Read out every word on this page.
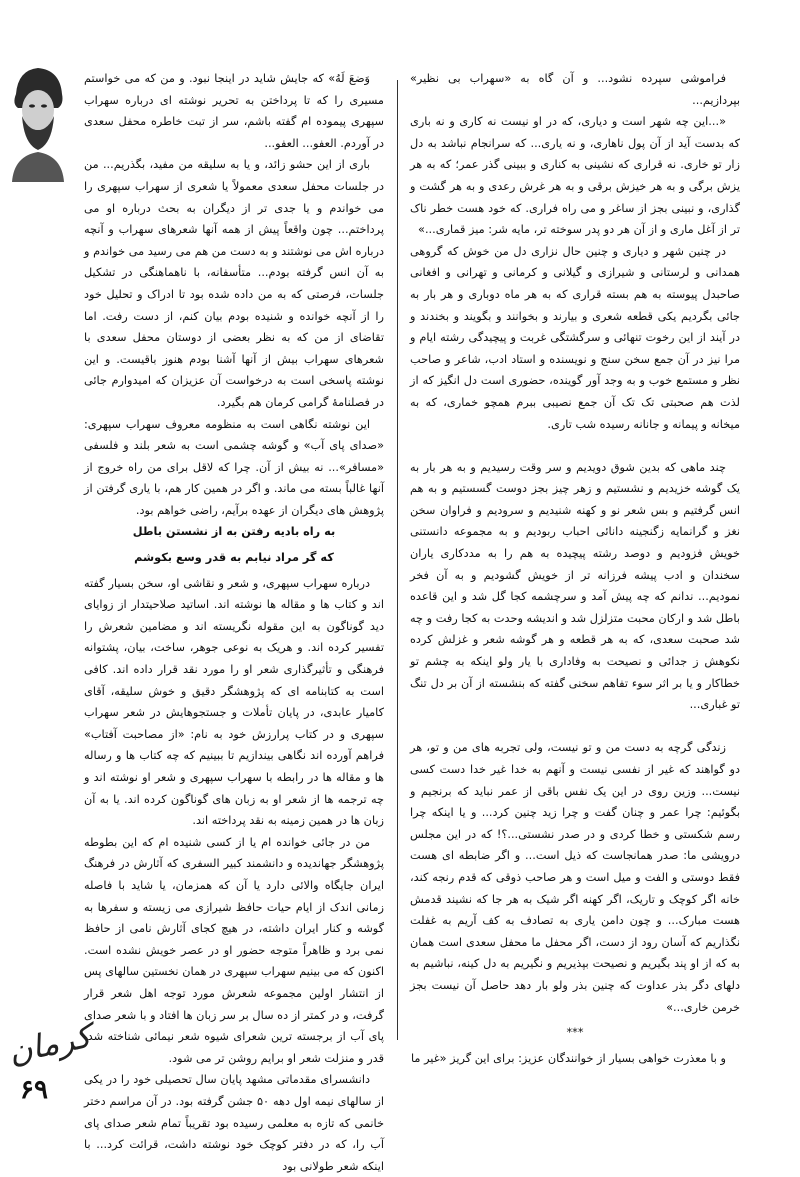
فراموشی سپرده نشود... و آن گاه به «سهراب بی نظیر» بپردازیم...

«...این چه شهر است و دیاری، که در او نیست نه کاری و نه باری که بدست آید از آن پول ناهاری، و نه یاری... که سرانجام نباشد به دل زار تو خاری. نه قراری که نشینی به کناری و ببینی گذر عمر؛ که به هر یزش برگی و به هر خیزش برقی و به هر غرش رعدی و به هر گشت و گذاری، و نبینی بجز از ساغر و می راه فراری. که خود هست خطر ناک تر از آغل ماری و از آن هر دو پدر سوخته تر، مایه شر: میز قماری...»

در چنین شهر و دیاری و چنین حال نزاری دل من خوش که گروهی همدانی و لرستانی و شیرازی و گیلانی و کرمانی و تهرانی و افغانی صاحبدل پیوسته به هم بسته قراری که به هر ماه دوباری و هر بار به جائی بگردیم یکی قطعه شعری و بیارند و بخوانند و بگویند و بخندند و در آیند از این رخوت تنهائی و سرگشتگی غربت و پیچیدگی رشته ایام و مرا نیز در آن جمع سخن سنج و نویسنده و استاد ادب، شاعر و صاحب نظر و مستمع خوب و به وجد آور گوینده، حضوری است دل انگیز که از لذت هم صحبتی تک تک آن جمع نصیبی ببرم همچو خماری، که به میخانه و پیمانه و جانانه رسیده شب تاری.

چند ماهی که بدین شوق دویدیم و سر وقت رسیدیم و به هر بار به یک گوشه خزیدیم و نشستیم و زهر چیز بجز دوست گسستیم و به هم انس گرفتیم و بس شعر نو و کهنه شنیدیم و سرودیم و فراوان سخن نغز و گرانمایه زگنجینه دانائی احباب ربودیم و به مجموعه دانستنی خویش فزودیم و دوصد رشته پیچیده به هم را به مددکاری یاران سخندان و ادب پیشه فرزانه تر از خویش گشودیم و به آن فخر نمودیم... ندانم که چه پیش آمد و سرچشمه کجا گل شد و این قاعده باطل شد و ارکان محبت متزلزل شد و اندیشه وحدت به کجا رفت و چه شد صحبت سعدی، که به هر قطعه و هر گوشه شعر و غزلش کرده نکوهش ز جدائی و نصیحت به وفاداری با یار ولو اینکه به چشم تو خطاکار و یا بر اثر سوء تفاهم سخنی گفته که بنشسته از آن بر دل تنگ تو غباری...

زندگی گرچه به دست من و تو نیست، ولی تجربه های من و تو، هر دو گواهند که غیر از نفسی نیست و آنهم به خدا غیر خدا دست کسی نیست... وزین روی در این یک نفس باقی از عمر نباید که برنجیم و بگوئیم: چرا عمر و چنان گفت و چرا زید چنین کرد... و یا اینکه چرا رسم شکستی و خطا کردی و در صدر نشستی...؟! که در این مجلس درویشی ما: صدر همانجاست که ذیل است... و اگر ضابطه ای هست فقط دوستی و الفت و میل است و هر صاحب ذوقی که قدم رنجه کند، خانه اگر کوچک و تاریک، اگر کهنه اگر شیک به هر جا که نشیند قدمش هست مبارک... و چون دامن یاری به تصادف به کف آریم به غفلت نگذاریم که آسان رود از دست، اگر محفل ما محفل سعدی است همان به که از او پند بگیریم و نصیحت بپذیریم و نگیریم به دل کینه، نباشیم به دلهای دگر بذر عداوت که چنین بذر ولو بار دهد حاصل آن نیست بجز خرمن خاری...»

***

و با معذرت خواهی بسیار از خوانندگان عزیز: برای این گریز «غیر ما

وَضعَ لَهُ» که جایش شاید در اینجا نبود. و من که می خواستم مسیری را که تا پرداختن به تحریر نوشته ای درباره سهراب سپهری پیموده ام گفته باشم، سر از تبت خاطره محفل سعدی در آوردم. العفو... العفو...

باری از این حشو زائد، و یا به سلیقه من مفید، بگذریم... من در جلسات محفل سعدی معمولاً یا شعری از سهراب سپهری را می خواندم و یا جدی تر از دیگران به بحث درباره او می پرداختم... چون واقعاً پیش از همه آنها شعرهای سهراب و آنچه درباره اش می نوشتند و به دست من هم می رسید می خواندم و به آن انس گرفته بودم... متأسفانه، با ناهماهنگی در تشکیل جلسات، فرصتی که به من داده شده بود تا ادراک و تحلیل خود را از آنچه خوانده و شنیده بودم بیان کنم، از دست رفت. اما تقاضای از من که به نظر بعضی از دوستان محفل سعدی با شعرهای سهراب بیش از آنها آشنا بودم هنوز باقیست. و این نوشته پاسخی است به درخواست آن عزیزان که امیدوارم جائی در فصلنامهٔ گرامی کرمان هم بگیرد.

این نوشته نگاهی است به منظومه معروف سهراب سپهری: «صدای پای آب» و گوشه چشمی است به شعر بلند و فلسفی «مسافر»... نه بیش از آن. چرا که لاقل برای من راه خروج از آنها غالباً بسته می ماند. و اگر در همین کار هم، با یاری گرفتن از پژوهش های دیگران از عهده برآیم، راضی خواهم بود.

به راه بادیه رفتن به از نشستن باطل
که گر مراد نیابم به قدر وسع بکوشم

درباره سهراب سپهری، و شعر و نقاشی او، سخن بسیار گفته اند و کتاب ها و مقاله ها نوشته اند. اساتید صلاحیتدار از زوایای دید گوناگون به این مقوله نگریسته اند و مضامین شعرش را تفسیر کرده اند. و هریک به نوعی جوهر، ساخت، بیان، پشتوانه فرهنگی و تأثیرگذاری شعر او را مورد نقد قرار داده اند. کافی است به کتابنامه ای که پژوهشگر دقیق و خوش سلیقه، آقای کامیار عابدی، در پایان تأملات و جستجوهایش در شعر سهراب سپهری و در کتاب پرارزش خود به نام: «از مصاحبت آفتاب» فراهم آورده اند نگاهی بیندازیم تا ببینیم که چه کتاب ها و رساله ها و مقاله ها در رابطه با سهراب سپهری و شعر او نوشته اند و چه ترجمه ها از شعر او به زبان های گوناگون کرده اند. یا به آن زبان ها در همین زمینه به نقد پرداخته اند.

من در جائی خوانده ام یا از کسی شنیده ام که این بطوطه پژوهشگر جهاندیده و دانشمند کبیر السفری که آثارش در فرهنگ ایران جایگاه والائی دارد یا آن که همزمان، یا شاید با فاصله زمانی اندک از ایام حیات حافظ شیرازی می زیسته و سفرها به گوشه و کنار ایران داشته، در هیچ کجای آثارش نامی از حافظ نمی برد و ظاهراً متوجه حضور او در عصر خویش نشده است. اکنون که می بینیم سهراب سپهری در همان نخستین سالهای پس از انتشار اولین مجموعه شعرش مورد توجه اهل شعر قرار گرفت، و در کمتر از ده سال بر سر زبان ها افتاد و با شعر صدای پای آب از برجسته ترین شعرای شیوه شعر نیمائی شناخته شد، قدر و منزلت شعر او برایم روشن تر می شود.

دانشسرای مقدماتی مشهد پایان سال تحصیلی خود را در یکی از سالهای نیمه اول دهه ۵۰ جشن گرفته بود. در آن مراسم دختر خانمی که تازه به معلمی رسیده بود تقریباً تمام شعر صدای پای آب را، که در دفتر کوچک خود نوشته داشت، قرائت کرد... با اینکه شعر طولانی بود

کرمان
۶۹
